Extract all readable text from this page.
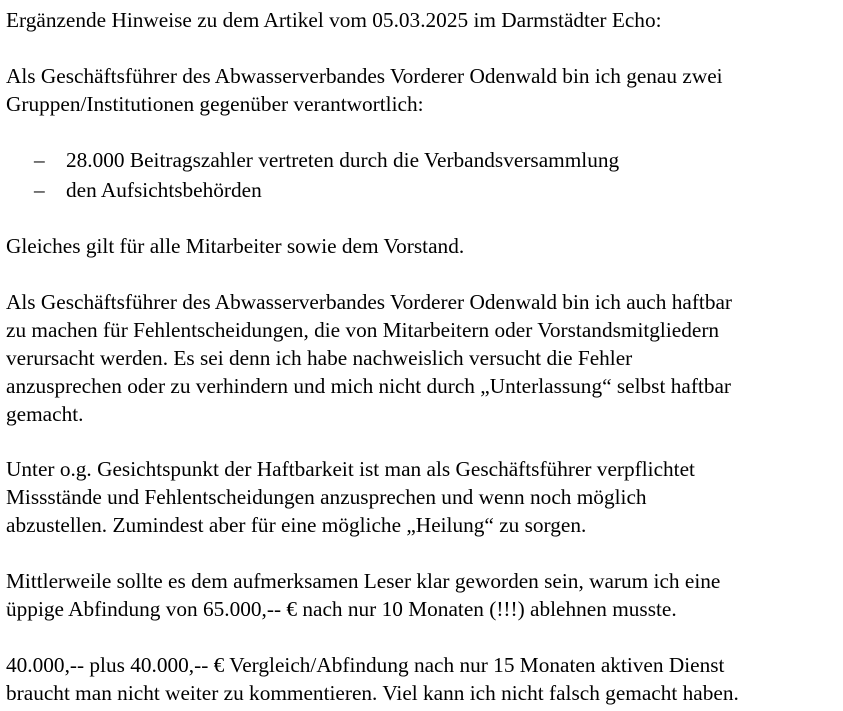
Ergänzende Hinweise zu dem Artikel vom 05.03.2025 im Darmstädter Echo:

Als Geschäftsführer des Abwasserverbandes Vorderer Odenwald bin ich genau zwei
Gruppen/Institutionen gegenüber verantwortlich:

– 28.000 Beitragszahler vertreten durch die Verbandsversammlung
– den Aufsichtsbehörden

Gleiches gilt für alle Mitarbeiter sowie dem Vorstand.

Als Geschäftsführer des Abwasserverbandes Vorderer Odenwald bin ich auch haftbar
zu machen für Fehlentscheidungen, die von Mitarbeitern oder Vorstandsmitgliedern
verursacht werden. Es sei denn ich habe nachweislich versucht die Fehler
anzusprechen oder zu verhindern und mich nicht durch „Unterlassung“ selbst haftbar
gemacht.

Unter o.g. Gesichtspunkt der Haftbarkeit ist man als Geschäftsführer verpflichtet
Missstände und Fehlentscheidungen anzusprechen und wenn noch möglich
abzustellen. Zumindest aber für eine mögliche „Heilung“ zu sorgen.

Mittlerweile sollte es dem aufmerksamen Leser klar geworden sein, warum ich eine
üppige Abfindung von 65.000,-- € nach nur 10 Monaten (!!!) ablehnen musste.

40.000,-- plus 40.000,-- € Vergleich/Abfindung nach nur 15 Monaten aktiven Dienst
braucht man nicht weiter zu kommentieren. Viel kann ich nicht falsch gemacht haben.
